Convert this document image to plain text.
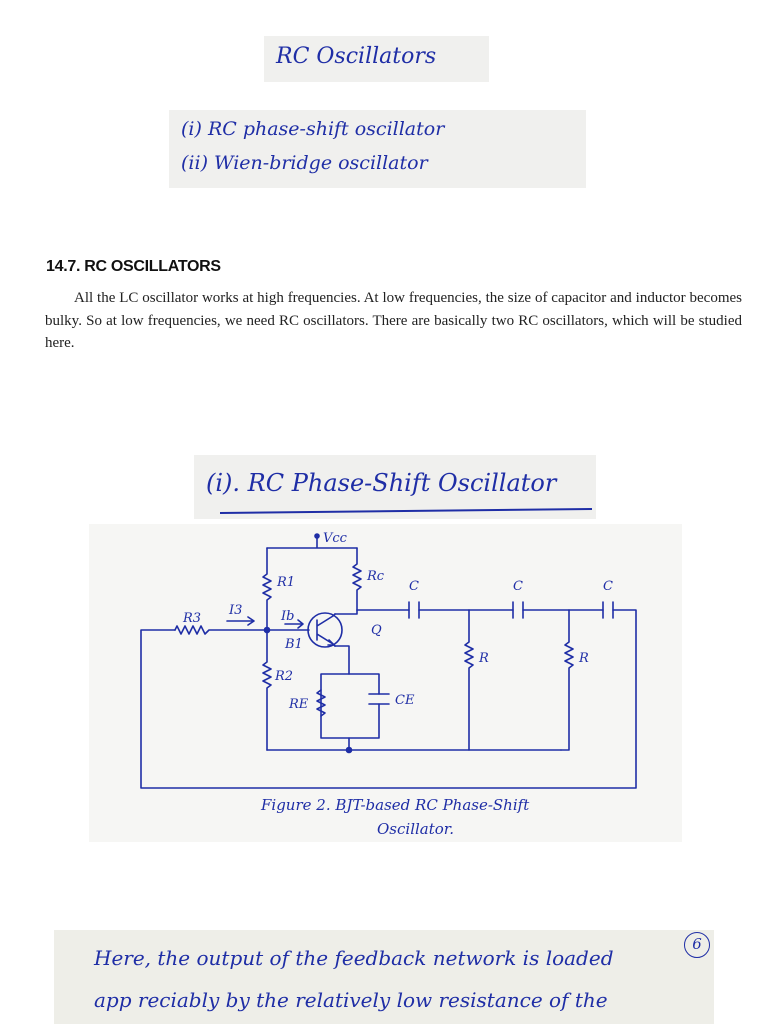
RC Oscillators
(i) RC phase-shift oscillator
(ii) Wien-bridge oscillator
14.7. RC OSCILLATORS
All the LC oscillator works at high frequencies. At low frequencies, the size of capacitor and inductor becomes bulky. So at low frequencies, we need RC oscillators. There are basically two RC oscillators, which will be studied here.
(i). RC Phase-Shift Oscillator
Vcc
R1	Rc
R3
I3	Ib
B1
Q
R2
RE	CE
C	C	C
R	R
Figure 2. BJT-based RC Phase-Shift
Oscillator.
Here, the output of the feedback network is loaded
app reciably by the relatively low resistance of the
6
